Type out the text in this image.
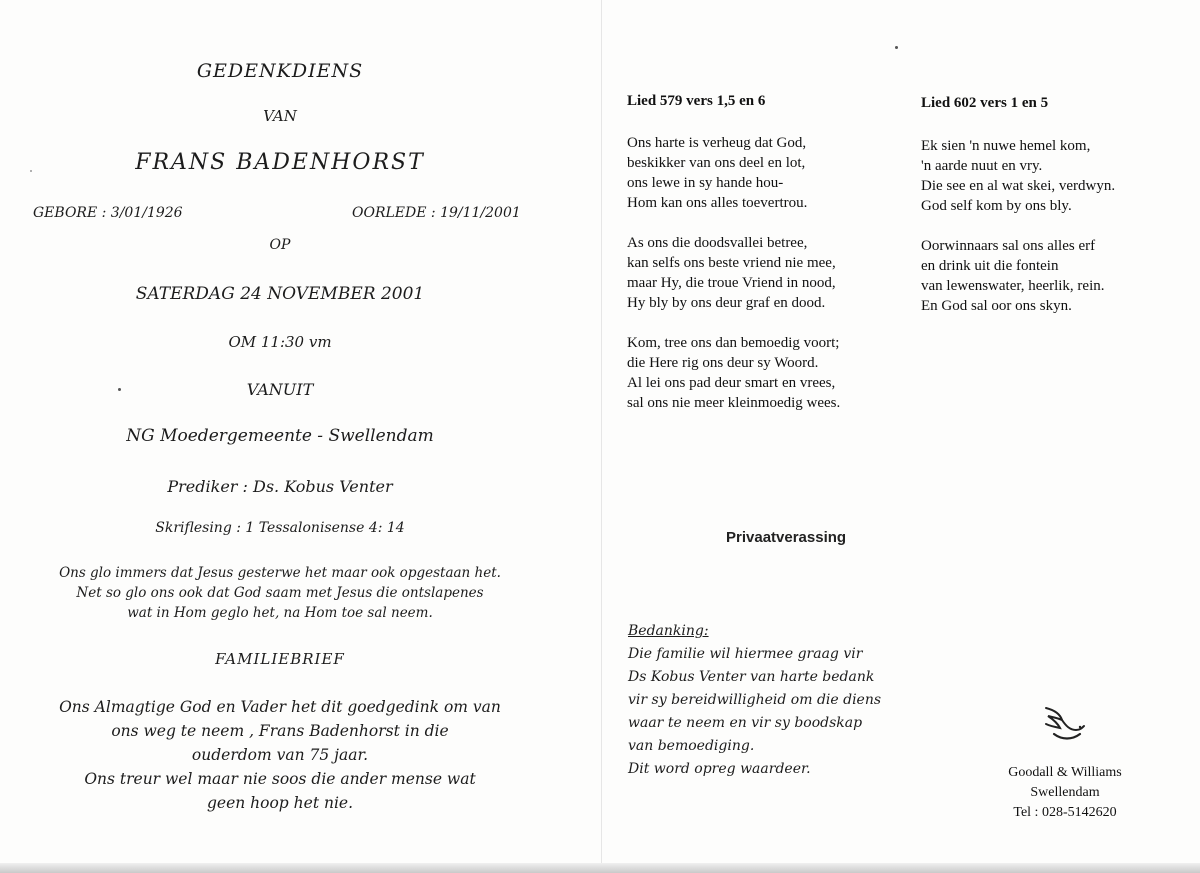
GEDENKDIENS
VAN
FRANS BADENHORST
GEBORE : 3/01/1926	OORLEDE : 19/11/2001
OP
SATERDAG 24 NOVEMBER 2001
OM 11:30 vm
VANUIT
NG Moedergemeente - Swellendam
Prediker : Ds. Kobus Venter
Skriflesing : 1 Tessalonisense 4: 14
Ons glo immers dat Jesus gesterwe het maar ook opgestaan het.
Net so glo ons ook dat God saam met Jesus die ontslapenes
wat in Hom geglo het, na Hom toe sal neem.
FAMILIEBRIEF
Ons Almagtige God en Vader het dit goedgedink om van
ons weg te neem , Frans Badenhorst in die
ouderdom van 75 jaar.
Ons treur wel maar nie soos die ander mense wat
geen hoop het nie.
Lied 579 vers 1,5 en 6
Ons harte is verheug dat God,
beskikker van ons deel en lot,
ons lewe in sy hande hou-
Hom kan ons alles toevertrou.
As ons die doodsvallei betree,
kan selfs ons beste vriend nie mee,
maar Hy, die troue Vriend in nood,
Hy bly by ons deur graf en dood.
Kom, tree ons dan bemoedig voort;
die Here rig ons deur sy Woord.
Al lei ons pad deur smart en vrees,
sal ons nie meer kleinmoedig wees.
Lied 602 vers 1 en 5
Ek sien 'n nuwe hemel kom,
'n aarde nuut en vry.
Die see en al wat skei, verdwyn.
God self kom by ons bly.
Oorwinnaars sal ons alles erf
en drink uit die fontein
van lewenswater, heerlik, rein.
En God sal oor ons skyn.
Privaatverassing
Bedanking:
Die familie wil hiermee graag vir
Ds Kobus Venter van harte bedank
vir sy bereidwilligheid om die diens
waar te neem en vir sy boodskap
van bemoediging.
Dit word opreg waardeer.	Goodall & Williams
Swellendam
Tel : 028-5142620
